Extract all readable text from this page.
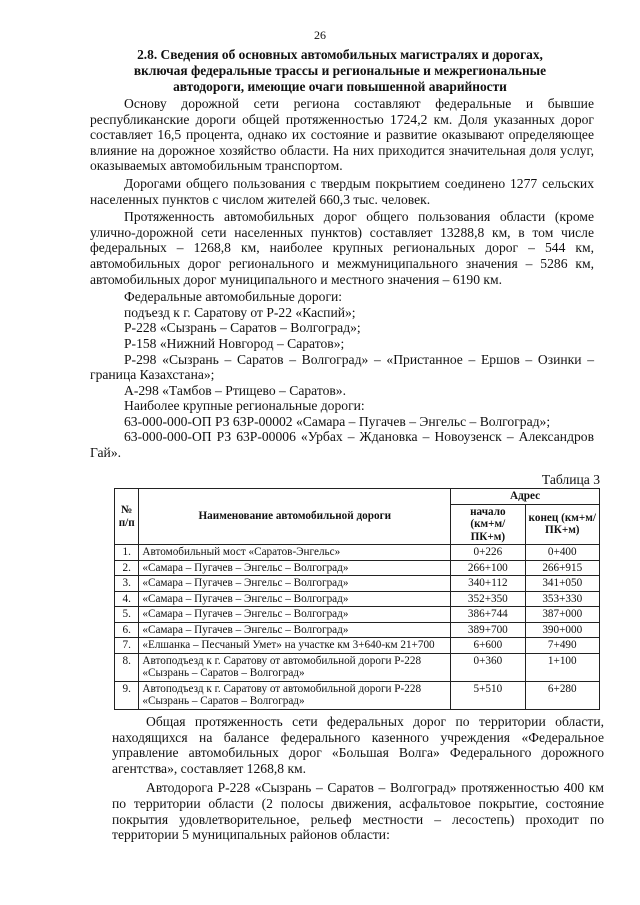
26
2.8. Сведения об основных автомобильных магистралях и дорогах,
включая федеральные трассы и региональные и межрегиональные
автодороги, имеющие очаги повышенной аварийности

Основу дорожной сети региона составляют федеральные и бывшие республиканские дороги общей протяженностью 1724,2 км. Доля указанных дорог составляет 16,5 процента, однако их состояние и развитие оказывают определяющее влияние на дорожное хозяйство области. На них приходится значительная доля услуг, оказываемых автомобильным транспортом.

Дорогами общего пользования с твердым покрытием соединено 1277 сельских населенных пунктов с числом жителей 660,3 тыс. человек.

Протяженность автомобильных дорог общего пользования области (кроме улично-дорожной сети населенных пунктов) составляет 13288,8 км, в том числе федеральных – 1268,8 км, наиболее крупных региональных дорог – 544 км, автомобильных дорог регионального и межмуниципального значения – 5286 км, автомобильных дорог муниципального и местного значения – 6190 км.

Федеральные автомобильные дороги:

подъезд к г. Саратову от Р-22 «Каспий»;

Р-228 «Сызрань – Саратов – Волгоград»;

Р-158 «Нижний Новгород – Саратов»;

Р-298 «Сызрань – Саратов – Волгоград» – «Пристанное – Ершов – Озинки – граница Казахстана»;

А-298 «Тамбов – Ртищево – Саратов».

Наиболее крупные региональные дороги:

63-000-000-ОП РЗ 63Р-00002 «Самара – Пугачев – Энгельс – Волгоград»;

63-000-000-ОП РЗ 63Р-00006 «Урбах – Ждановка – Новоузенск – Александров Гай».

Таблица 3
№ п/п	Наименование автомобильной дороги	Адрес	
		начало (км+м/ПК+м)	конец (км+м/ПК+м)
1.	Автомобильный мост «Саратов-Энгельс»	0+226	0+400
2.	«Самара – Пугачев – Энгельс – Волгоград»	266+100	266+915
3.	«Самара – Пугачев – Энгельс – Волгоград»	340+112	341+050
4.	«Самара – Пугачев – Энгельс – Волгоград»	352+350	353+330
5.	«Самара – Пугачев – Энгельс – Волгоград»	386+744	387+000
6.	«Самара – Пугачев – Энгельс – Волгоград»	389+700	390+000
7.	«Елшанка – Песчаный Умет» на участке км 3+640-км 21+700	6+600	7+490
8.	Автоподъезд к г. Саратову от автомобильной дороги Р-228 «Сызрань – Саратов – Волгоград»	0+360	1+100
9.	Автоподъезд к г. Саратову от автомобильной дороги Р-228 «Сызрань – Саратов – Волгоград»	5+510	6+280

Общая протяженность сети федеральных дорог по территории области, находящихся на балансе федерального казенного учреждения «Федеральное управление автомобильных дорог «Большая Волга» Федерального дорожного агентства», составляет 1268,8 км.

Автодорога Р-228 «Сызрань – Саратов – Волгоград» протяженностью 400 км по территории области (2 полосы движения, асфальтовое покрытие, состояние покрытия удовлетворительное, рельеф местности – лесостепь) проходит по территории 5 муниципальных районов области:
